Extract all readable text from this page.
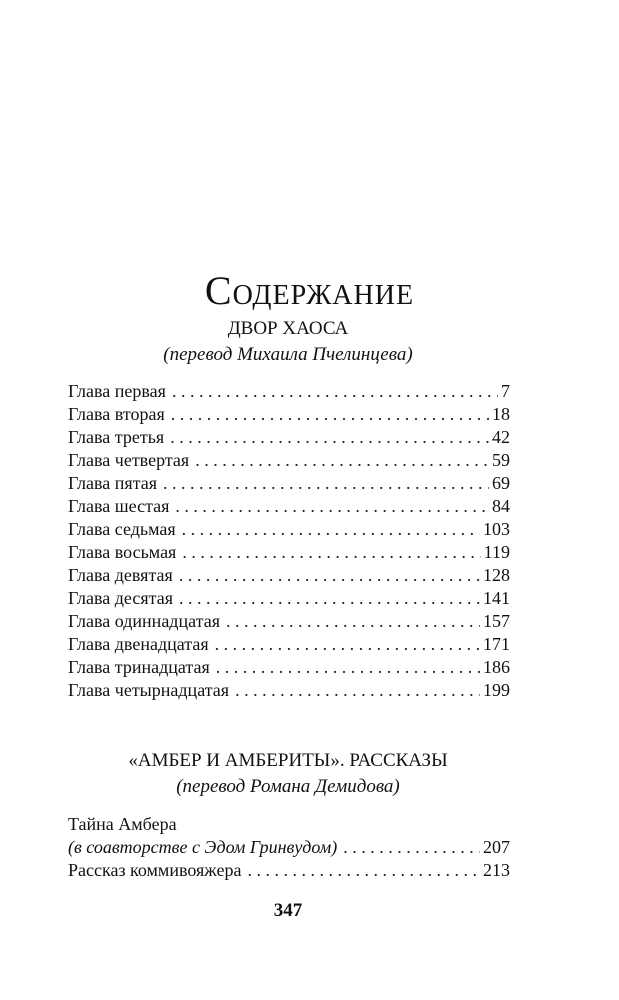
Содержание
ДВОР ХАОСА
(перевод Михаила Пчелинцева)
Глава первая . . .	7
Глава вторая . . .	18
Глава третья . . .	42
Глава четвертая . . .	59
Глава пятая . . .	69
Глава шестая . . .	84
Глава седьмая . . .	103
Глава восьмая . . .	119
Глава девятая . . .	128
Глава десятая . . .	141
Глава одиннадцатая . . .	157
Глава двенадцатая . . .	171
Глава тринадцатая . . .	186
Глава четырнадцатая . . .	199
«АМБЕР И АМБЕРИТЫ». РАССКАЗЫ
(перевод Романа Демидова)
Тайна Амбера
(в соавторстве с Эдом Гринвудом) . . .	207
Рассказ коммивояжера . . .	213
347
